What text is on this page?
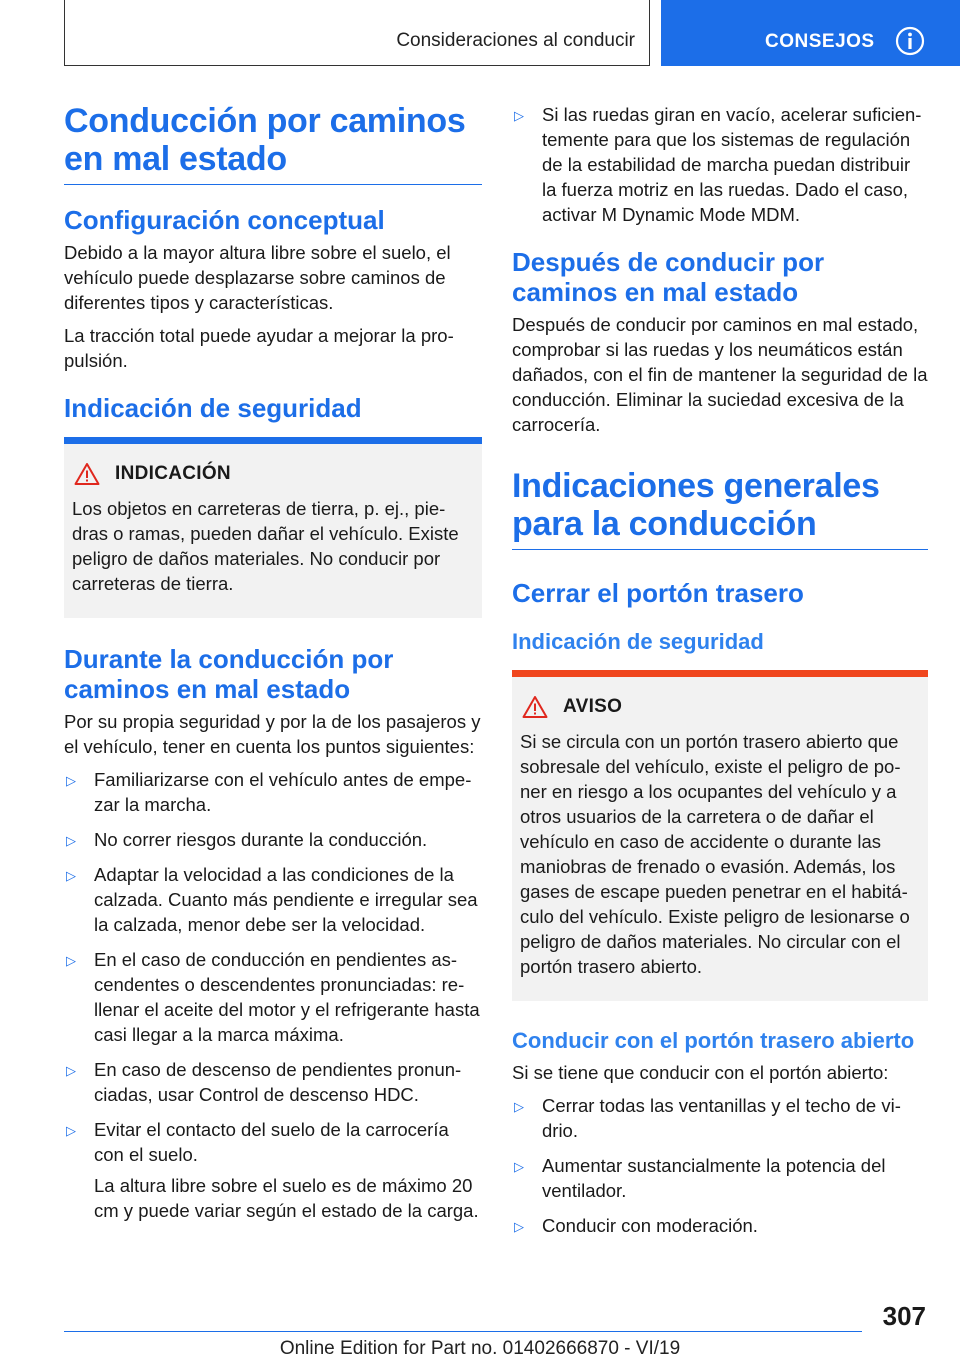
Consideraciones al conducir	CONSEJOS
Conducción por caminos en mal estado
Configuración conceptual
Debido a la mayor altura libre sobre el suelo, el vehículo puede desplazarse sobre caminos de diferentes tipos y características.
La tracción total puede ayudar a mejorar la propulsión.
Indicación de seguridad
INDICACIÓN
Los objetos en carreteras de tierra, p. ej., piedras o ramas, pueden dañar el vehículo. Existe peligro de daños materiales. No conducir por carreteras de tierra.
Durante la conducción por caminos en mal estado
Por su propia seguridad y por la de los pasajeros y el vehículo, tener en cuenta los puntos siguientes:
▷ Familiarizarse con el vehículo antes de empezar la marcha.
▷ No correr riesgos durante la conducción.
▷ Adaptar la velocidad a las condiciones de la calzada. Cuanto más pendiente e irregular sea la calzada, menor debe ser la velocidad.
▷ En el caso de conducción en pendientes ascendentes o descendentes pronunciadas: rellenar el aceite del motor y el refrigerante hasta casi llegar a la marca máxima.
▷ En caso de descenso de pendientes pronunciadas, usar Control de descenso HDC.
▷ Evitar el contacto del suelo de la carrocería con el suelo.
La altura libre sobre el suelo es de máximo 20 cm y puede variar según el estado de la carga.
▷ Si las ruedas giran en vacío, acelerar suficientemente para que los sistemas de regulación de la estabilidad de marcha puedan distribuir la fuerza motriz en las ruedas. Dado el caso, activar M Dynamic Mode MDM.
Después de conducir por caminos en mal estado
Después de conducir por caminos en mal estado, comprobar si las ruedas y los neumáticos están dañados, con el fin de mantener la seguridad de la conducción. Eliminar la suciedad excesiva de la carrocería.
Indicaciones generales para la conducción
Cerrar el portón trasero
Indicación de seguridad
AVISO
Si se circula con un portón trasero abierto que sobresale del vehículo, existe el peligro de poner en riesgo a los ocupantes del vehículo y a otros usuarios de la carretera o de dañar el vehículo en caso de accidente o durante las maniobras de frenado o evasión. Además, los gases de escape pueden penetrar en el habitáculo del vehículo. Existe peligro de lesionarse o peligro de daños materiales. No circular con el portón trasero abierto.
Conducir con el portón trasero abierto
Si se tiene que conducir con el portón abierto:
▷ Cerrar todas las ventanillas y el techo de vidrio.
▷ Aumentar sustancialmente la potencia del ventilador.
▷ Conducir con moderación.
307
Online Edition for Part no. 01402666870 - VI/19
